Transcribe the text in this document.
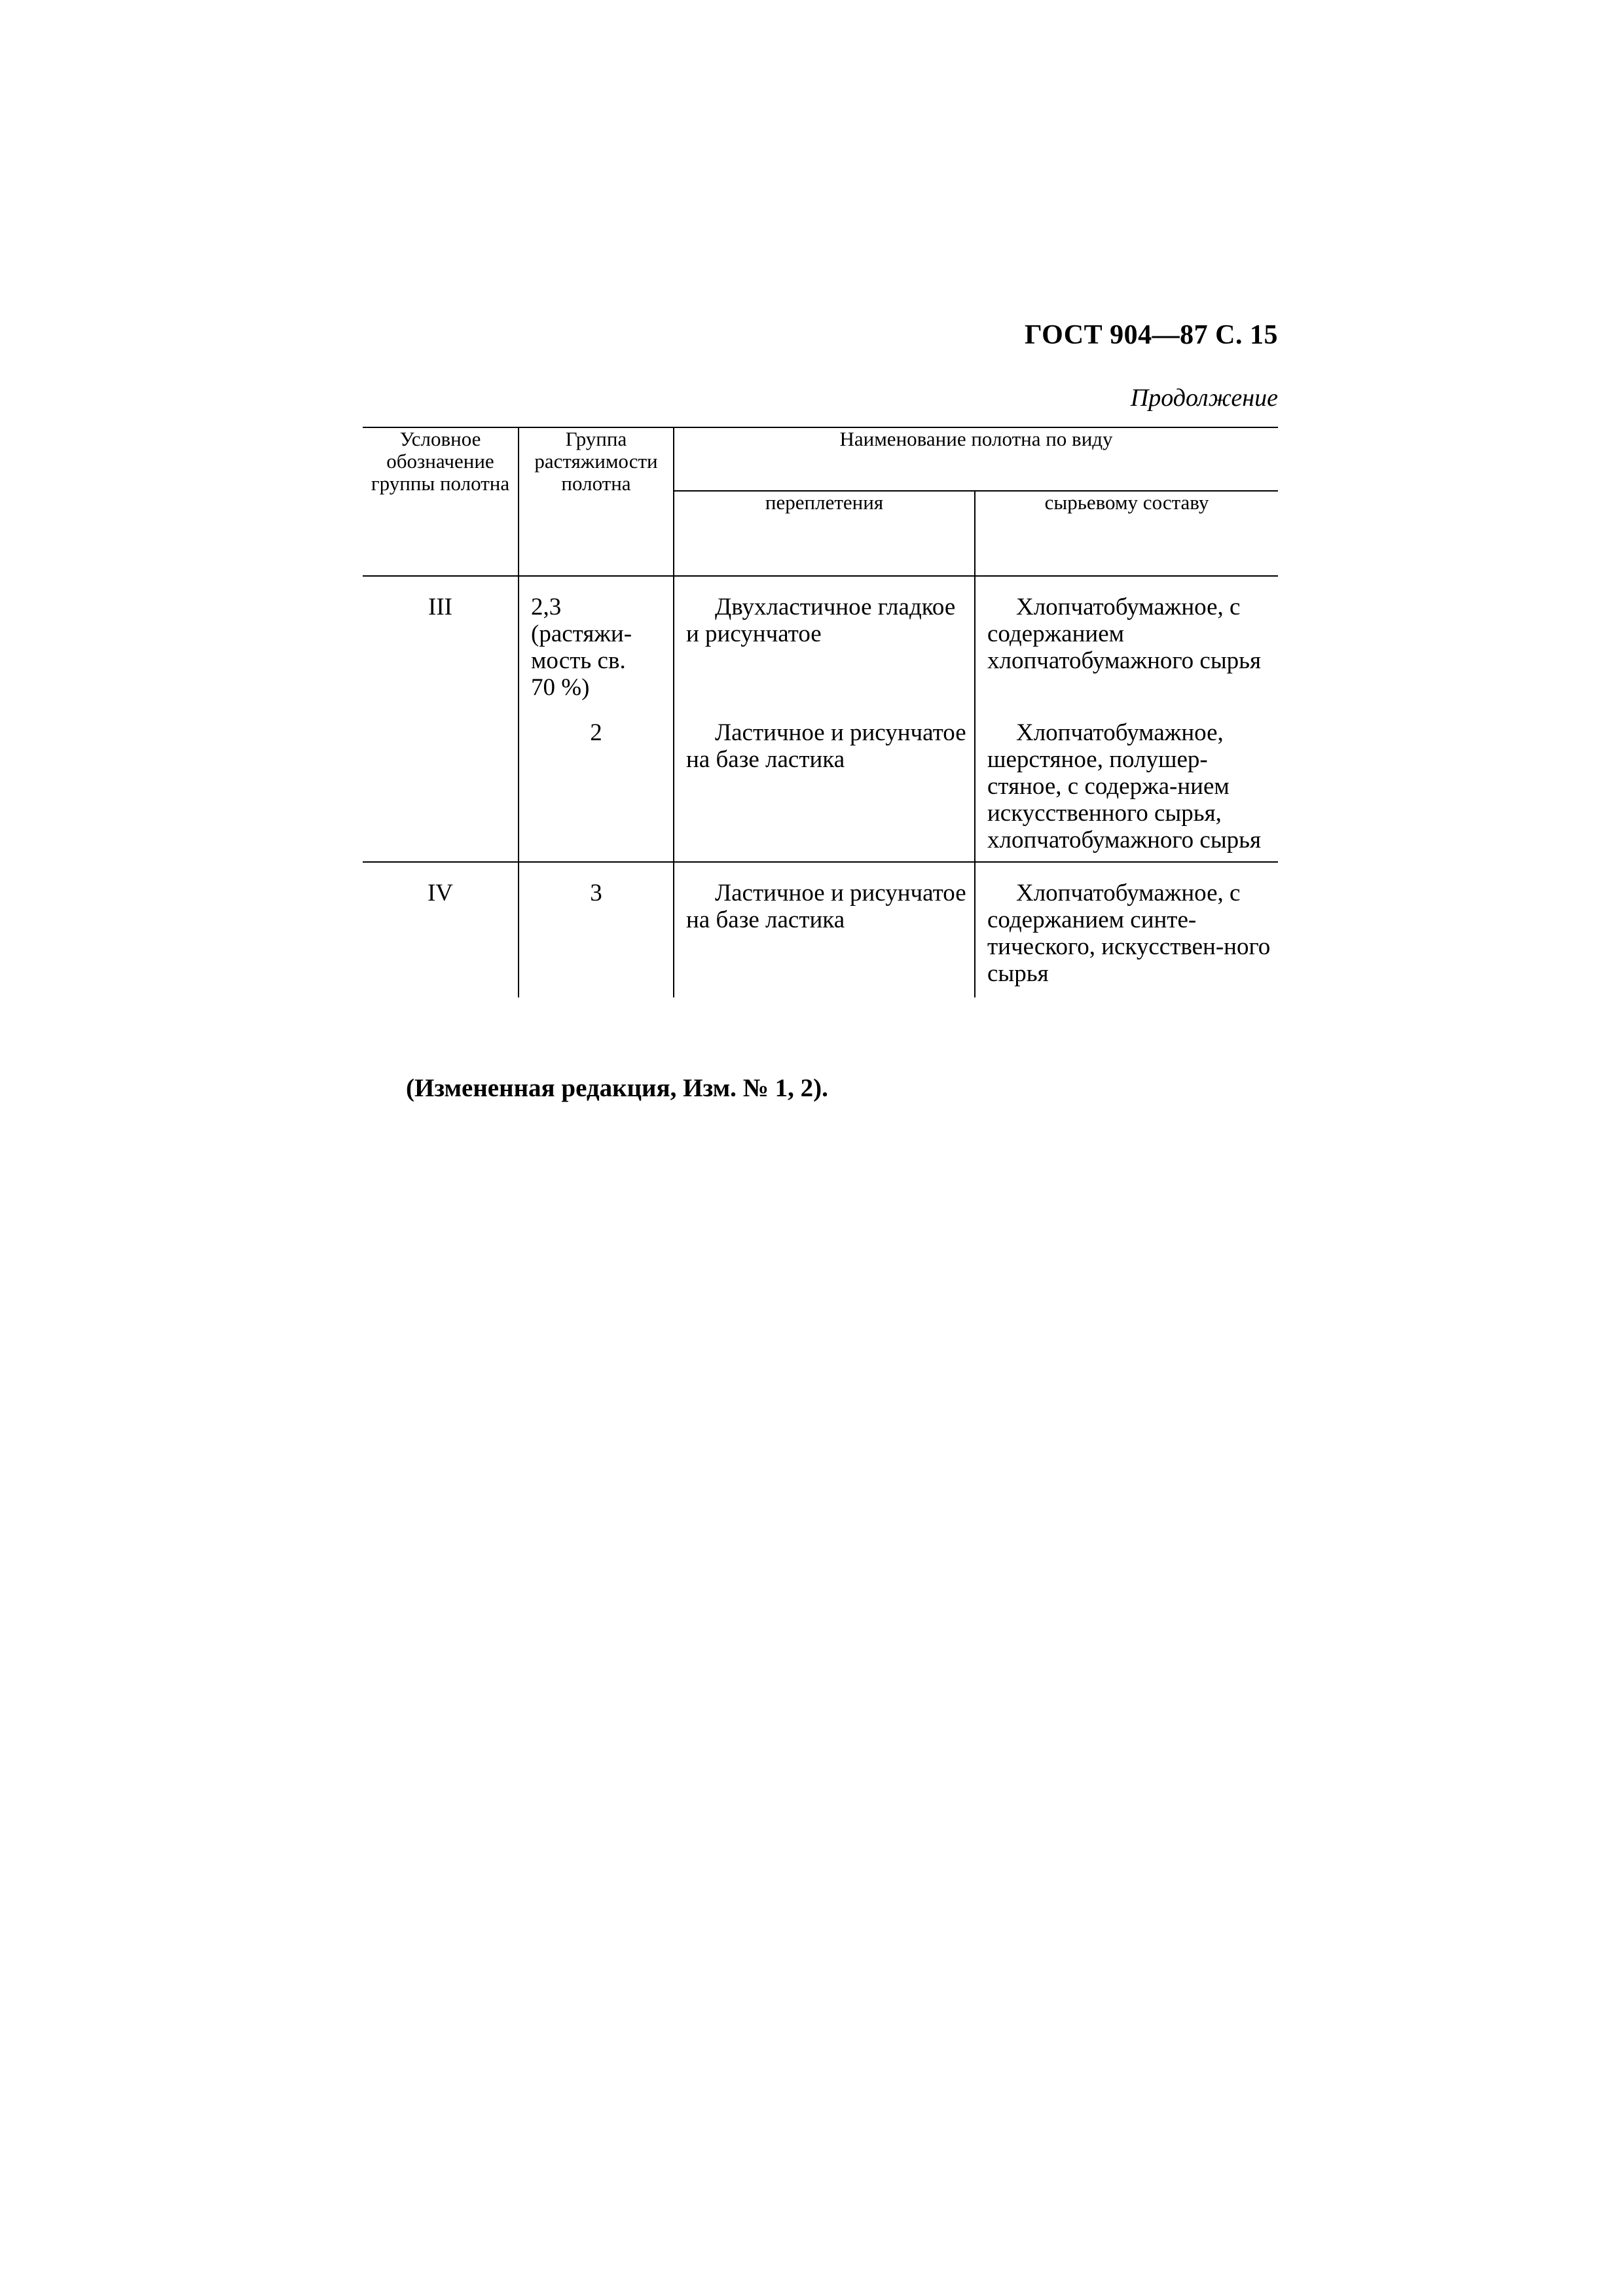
ГОСТ 904—87 С. 15
Продолжение
Условное обозначение группы полотна	Группа растяжимости полотна	Наименование полотна по виду	
		переплетения	сырьевому составу
III	2,3 (растяжи-мость св. 70 %)	Двухластичное гладкое и рисунчатое	Хлопчатобумажное, с содержанием хлопчатобумажного сырья
	2	Ластичное и рисунчатое на базе ластика	Хлопчатобумажное, шерстяное, полушер-стяное, с содержа-нием искусственного сырья, хлопчатобумажного сырья
IV	3	Ластичное и рисунчатое на базе ластика	Хлопчатобумажное, с содержанием синте-тического, искусствен-ного сырья
(Измененная редакция, Изм. № 1, 2).
